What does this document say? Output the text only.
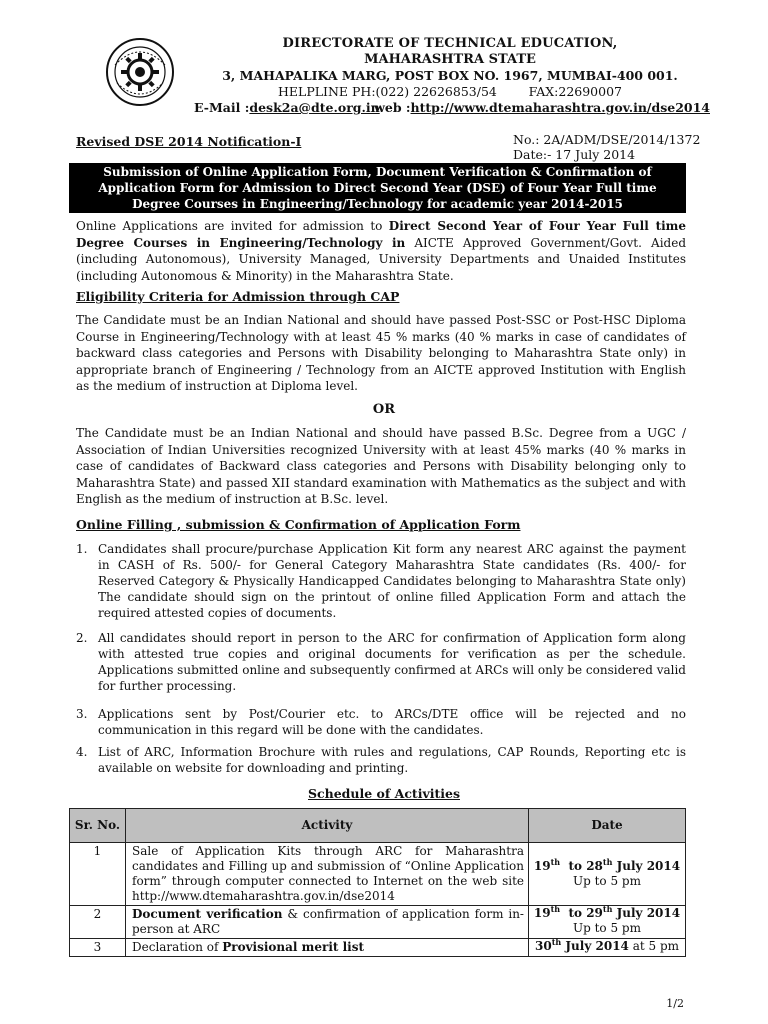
DIRECTORATE OF TECHNICAL EDUCATION,
MAHARASHTRA STATE
3, MAHAPALIKA MARG, POST BOX NO. 1967, MUMBAI-400 001.
HELPLINE PH:(022) 22626853/54        FAX:22690007
E-Mail :desk2a@dte.org.in
web :http://www.dtemaharashtra.gov.in/dse2014
Revised DSE 2014 Notification-I	No.: 2A/ADM/DSE/2014/1372
Date:- 17 July 2014
Submission of Online Application Form, Document Verification & Confirmation of Application Form for Admission to Direct Second Year (DSE) of Four Year Full time Degree Courses in Engineering/Technology for academic year 2014-2015
Online Applications are invited for admission to Direct Second Year of Four Year Full time Degree Courses in Engineering/Technology in AICTE Approved Government/Govt. Aided (including Autonomous), University Managed, University Departments and Unaided Institutes (including Autonomous & Minority) in the Maharashtra State.
Eligibility Criteria for Admission through CAP
The Candidate must be an Indian National and should have passed Post-SSC or Post-HSC Diploma Course in Engineering/Technology with at least 45 % marks (40 % marks in case of candidates of backward class categories and Persons with Disability belonging to Maharashtra State only) in appropriate branch of Engineering / Technology from an AICTE approved Institution with English as the medium of instruction at Diploma level.
OR
The Candidate must be an Indian National and should have passed B.Sc. Degree from a UGC / Association of Indian Universities recognized University with at least 45% marks (40 % marks in case of candidates of Backward class categories and Persons with Disability belonging only to Maharashtra State) and passed XII standard examination with Mathematics as the subject and with English as the medium of instruction at B.Sc. level.
Online Filling , submission & Confirmation of Application Form
1. Candidates shall procure/purchase Application Kit form any nearest ARC against the payment in CASH of Rs. 500/- for General Category Maharashtra State candidates (Rs. 400/- for Reserved Category & Physically Handicapped Candidates belonging to Maharashtra State only) The candidate should sign on the printout of online filled Application Form and attach the required attested copies of documents.
2. All candidates should report in person to the ARC for confirmation of Application form along with attested true copies and original documents for verification as per the schedule. Applications submitted online and subsequently confirmed at ARCs will only be considered valid for further processing.
3. Applications sent by Post/Courier etc. to ARCs/DTE office will be rejected and no communication in this regard will be done with the candidates.
4. List of ARC, Information Brochure with rules and regulations, CAP Rounds, Reporting etc is available on website for downloading and printing.
Schedule of Activities
Sr. No.	Activity	Date
1	Sale of Application Kits through ARC for Maharashtra candidates and Filling up and submission of “Online Application form” through computer connected to Internet on the web site http://www.dtemaharashtra.gov.in/dse2014	19th  to 28th July 2014
Up to 5 pm
2	Document verification & confirmation of application form in-person at ARC	19th  to 29th July 2014
Up to 5 pm
3	Declaration of Provisional merit list	30th July 2014 at 5 pm
1/2
